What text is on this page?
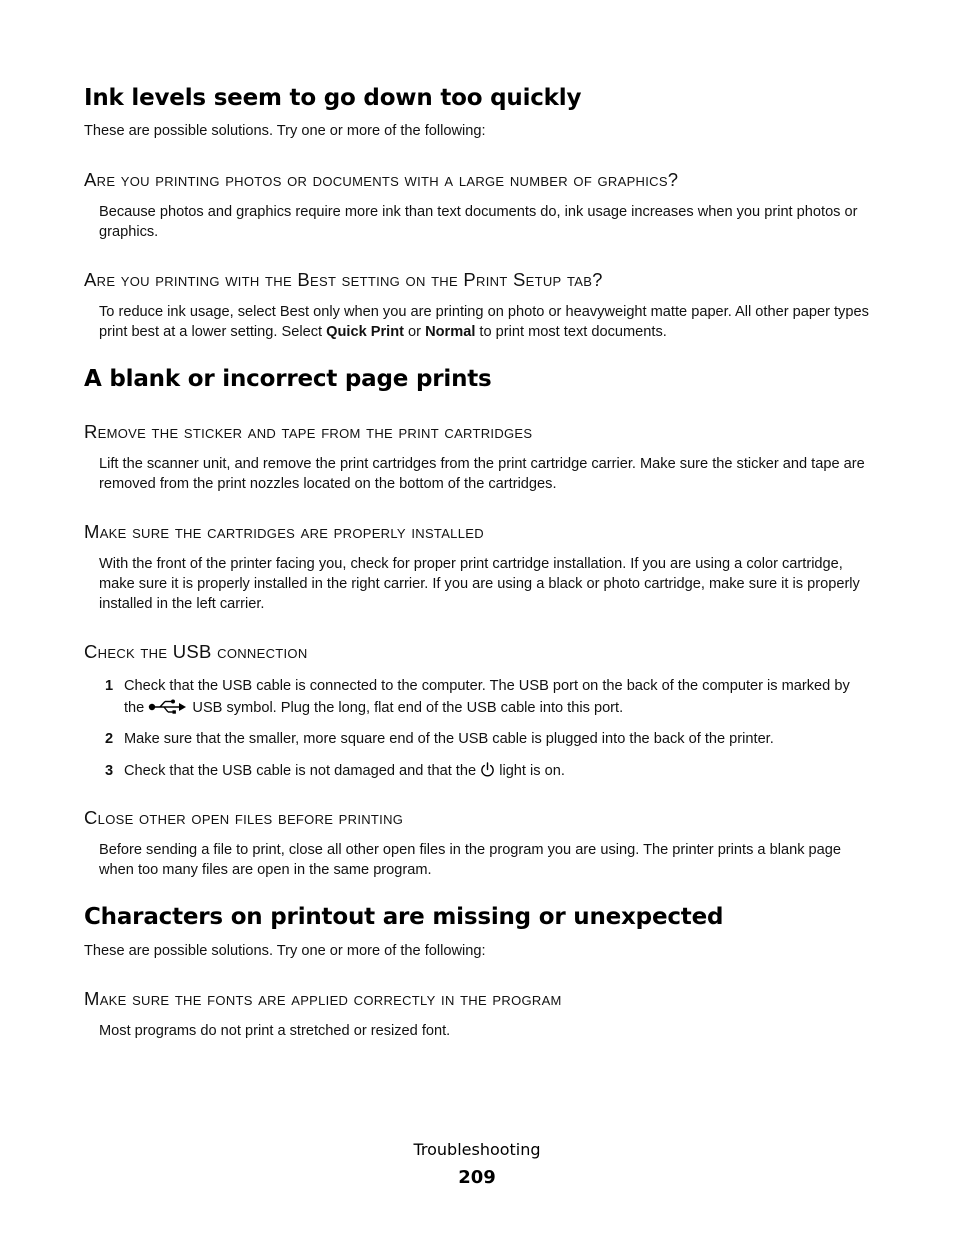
Ink levels seem to go down too quickly
These are possible solutions. Try one or more of the following:
Are you printing photos or documents with a large number of graphics?
Because photos and graphics require more ink than text documents do, ink usage increases when you print photos or graphics.
Are you printing with the Best setting on the Print Setup tab?
To reduce ink usage, select Best only when you are printing on photo or heavyweight matte paper. All other paper types print best at a lower setting. Select Quick Print or Normal to print most text documents.
A blank or incorrect page prints
Remove the sticker and tape from the print cartridges
Lift the scanner unit, and remove the print cartridges from the print cartridge carrier. Make sure the sticker and tape are removed from the print nozzles located on the bottom of the cartridges.
Make sure the cartridges are properly installed
With the front of the printer facing you, check for proper print cartridge installation. If you are using a color cartridge, make sure it is properly installed in the right carrier. If you are using a black or photo cartridge, make sure it is properly installed in the left carrier.
Check the USB connection
1 Check that the USB cable is connected to the computer. The USB port on the back of the computer is marked by the	USB symbol. Plug the long, flat end of the USB cable into this port.
2 Make sure that the smaller, more square end of the USB cable is plugged into the back of the printer.
3 Check that the USB cable is not damaged and that the  light is on.
Close other open files before printing
Before sending a file to print, close all other open files in the program you are using. The printer prints a blank page when too many files are open in the same program.
Characters on printout are missing or unexpected
These are possible solutions. Try one or more of the following:
Make sure the fonts are applied correctly in the program
Most programs do not print a stretched or resized font.
Troubleshooting
209
